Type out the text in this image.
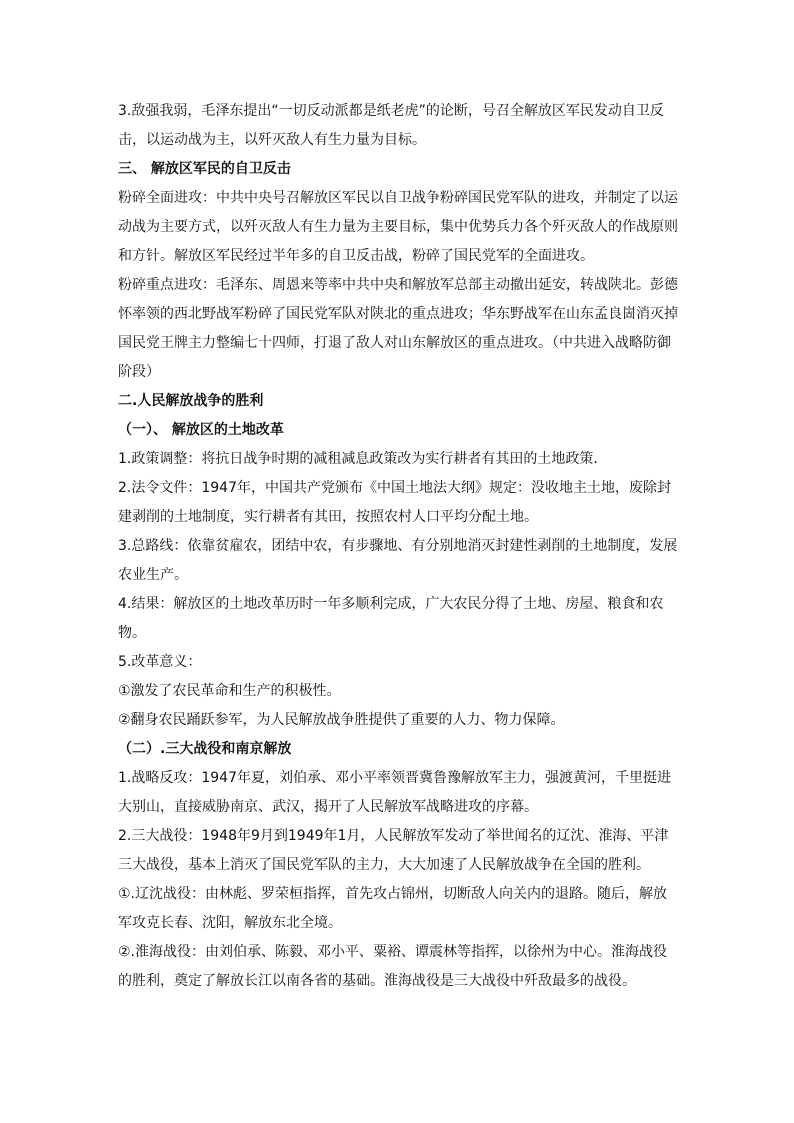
3.敌强我弱，毛泽东提出“一切反动派都是纸老虎”的论断，号召全解放区军民发动自卫反击，以运动战为主，以歼灭敌人有生力量为目标。

三、 解放区军民的自卫反击

粉碎全面进攻：中共中央号召解放区军民以自卫战争粉碎国民党军队的进攻，并制定了以运动战为主要方式，以歼灭敌人有生力量为主要目标，集中优势兵力各个歼灭敌人的作战原则和方针。解放区军民经过半年多的自卫反击战，粉碎了国民党军的全面进攻。

粉碎重点进攻：毛泽东、周恩来等率中共中央和解放军总部主动撤出延安，转战陕北。彭德怀率领的西北野战军粉碎了国民党军队对陕北的重点进攻；华东野战军在山东孟良崮消灭掉国民党王牌主力整编七十四师，打退了敌人对山东解放区的重点进攻。（中共进入战略防御阶段）

二.人民解放战争的胜利

（一）、 解放区的土地改革

1.政策调整：将抗日战争时期的减租减息政策改为实行耕者有其田的土地政策.

2.法令文件：1947年，中国共产党颁布《中国土地法大纲》规定：没收地主土地，废除封建剥削的土地制度，实行耕者有其田，按照农村人口平均分配土地。

3.总路线：依靠贫雇农，团结中农，有步骤地、有分别地消灭封建性剥削的土地制度，发展农业生产。

4.结果：解放区的土地改革历时一年多顺利完成，广大农民分得了土地、房屋、粮食和农物。

5.改革意义：

①激发了农民革命和生产的积极性。

②翻身农民踊跃参军，为人民解放战争胜提供了重要的人力、物力保障。

（二）.三大战役和南京解放

1.战略反攻：1947年夏，刘伯承、邓小平率领晋冀鲁豫解放军主力，强渡黄河，千里挺进大别山，直接威胁南京、武汉，揭开了人民解放军战略进攻的序幕。

2.三大战役：1948年9月到1949年1月，人民解放军发动了举世闻名的辽沈、淮海、平津三大战役，基本上消灭了国民党军队的主力，大大加速了人民解放战争在全国的胜利。

①.辽沈战役：由林彪、罗荣桓指挥，首先攻占锦州，切断敌人向关内的退路。随后，解放军攻克长春、沈阳，解放东北全境。

②.淮海战役：由刘伯承、陈毅、邓小平、粟裕、谭震林等指挥，以徐州为中心。淮海战役的胜利，奠定了解放长江以南各省的基础。淮海战役是三大战役中歼敌最多的战役。
